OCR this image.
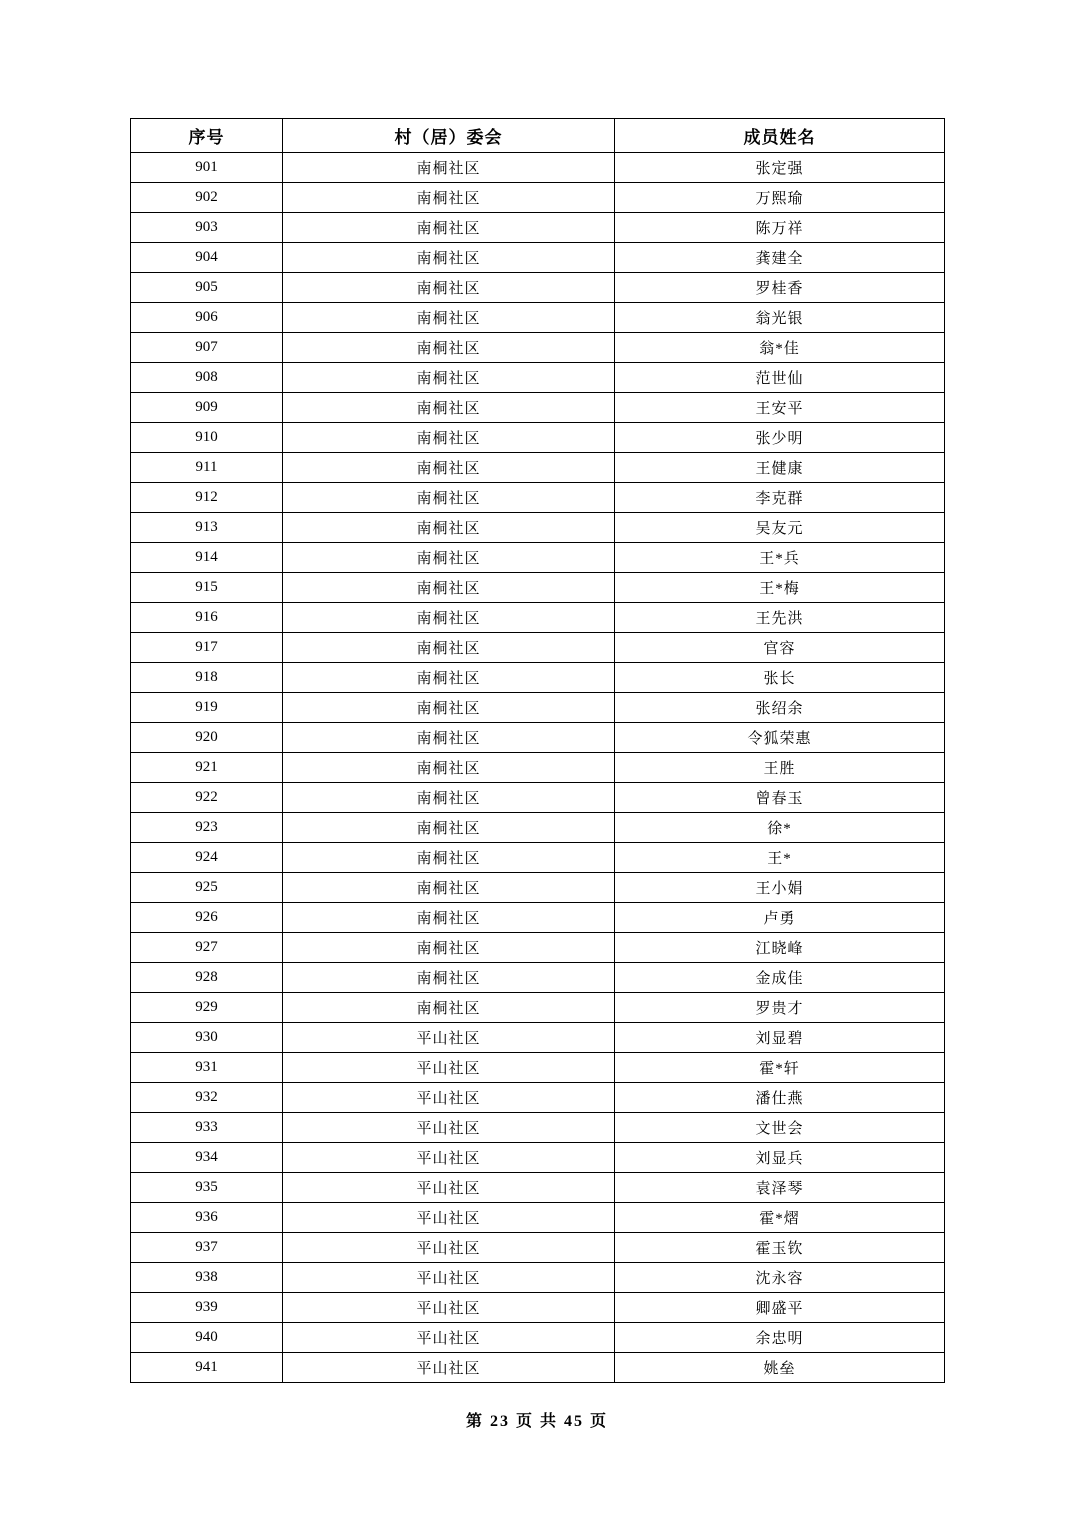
序号	村（居）委会	成员姓名
901	南桐社区	张定强
902	南桐社区	万熙瑜
903	南桐社区	陈万祥
904	南桐社区	龚建全
905	南桐社区	罗桂香
906	南桐社区	翁光银
907	南桐社区	翁*佳
908	南桐社区	范世仙
909	南桐社区	王安平
910	南桐社区	张少明
911	南桐社区	王健康
912	南桐社区	李克群
913	南桐社区	吴友元
914	南桐社区	王*兵
915	南桐社区	王*梅
916	南桐社区	王先洪
917	南桐社区	官容
918	南桐社区	张长
919	南桐社区	张绍余
920	南桐社区	令狐荣惠
921	南桐社区	王胜
922	南桐社区	曾春玉
923	南桐社区	徐*
924	南桐社区	王*
925	南桐社区	王小娟
926	南桐社区	卢勇
927	南桐社区	江晓峰
928	南桐社区	金成佳
929	南桐社区	罗贵才
930	平山社区	刘显碧
931	平山社区	霍*轩
932	平山社区	潘仕燕
933	平山社区	文世会
934	平山社区	刘显兵
935	平山社区	袁泽琴
936	平山社区	霍*熠
937	平山社区	霍玉钦
938	平山社区	沈永容
939	平山社区	卿盛平
940	平山社区	余忠明
941	平山社区	姚垒
第 23 页 共 45 页
